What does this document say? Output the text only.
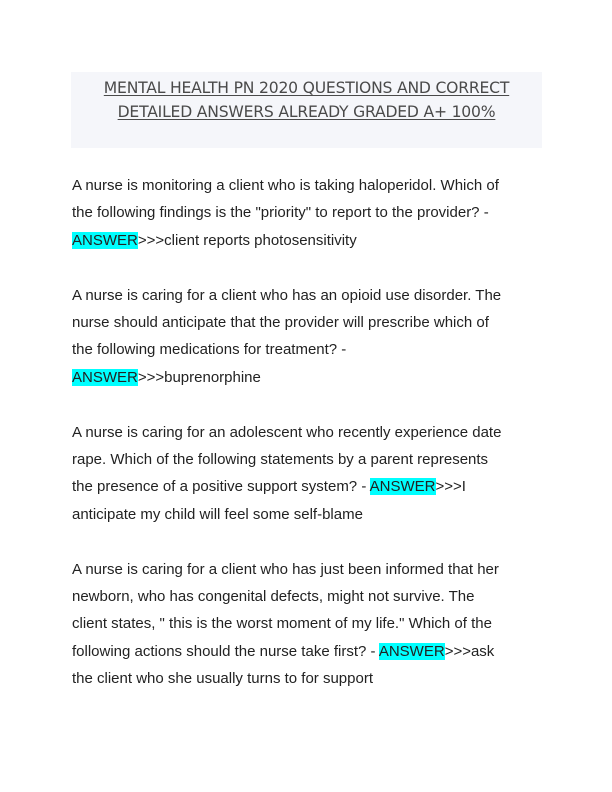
MENTAL HEALTH PN 2020 QUESTIONS AND CORRECT
DETAILED ANSWERS ALREADY GRADED A+ 100%
A nurse is monitoring a client who is taking haloperidol. Which of
the following findings is the "priority" to report to the provider? -
ANSWER>>>client reports photosensitivity
A nurse is caring for a client who has an opioid use disorder. The
nurse should anticipate that the provider will prescribe which of
the following medications for treatment? -
ANSWER>>>buprenorphine
A nurse is caring for an adolescent who recently experience date
rape. Which of the following statements by a parent represents
the presence of a positive support system? - ANSWER>>>I
anticipate my child will feel some self-blame
A nurse is caring for a client who has just been informed that her
newborn, who has congenital defects, might not survive. The
client states, " this is the worst moment of my life." Which of the
following actions should the nurse take first? - ANSWER>>>ask
the client who she usually turns to for support
